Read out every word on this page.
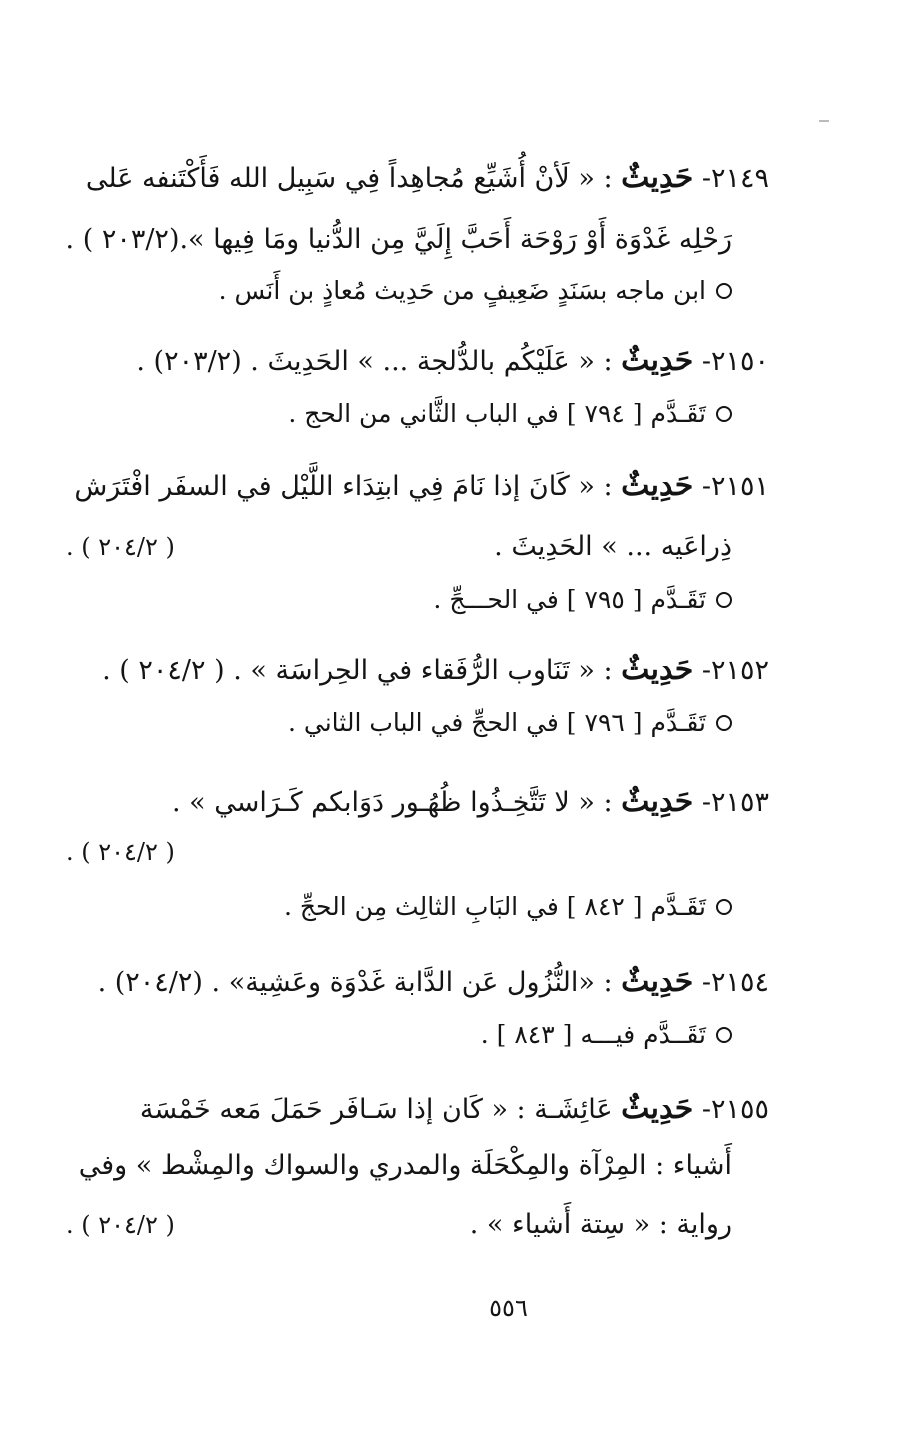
٢١٤٩- حَدِيثٌ : « لَأنْ أُشَيِّع مُجاهِداً فِي سَبِيل الله فَأَكْتَنفه عَلى
رَحْلِه غَدْوَة أَوْ رَوْحَة أَحَبَّ إِلَيَّ مِن الدُّنيا ومَا فِيها ».(٢٠٣/٢ ) .
ابن ماجه بسَنَدٍ ضَعِيفٍ من حَدِيث مُعاذٍ بن أَنَس .
٢١٥٠- حَدِيثٌ : « عَلَيْكُم بالدُّلجة ... » الحَدِيثَ . (٢٠٣/٢) .
تَقَـدَّم [ ٧٩٤ ] في الباب الثَّاني من الحج .
٢١٥١- حَدِيثٌ : « كَانَ إذا نَامَ فِي ابتِدَاء اللَّيْل في السفَر افْتَرَش
ذِراعَيه ... » الحَدِيثَ .
( ٢٠٤/٢ ) .
تَقَـدَّم [ ٧٩٥ ] في الحـــجِّ .
٢١٥٢- حَدِيثٌ : « تَنَاوب الرُّفَقاء في الحِراسَة » . ( ٢٠٤/٢ ) .
تَقَـدَّم [ ٧٩٦ ] في الحجِّ في الباب الثاني .
٢١٥٣- حَدِيثٌ : « لا تَتَّخِـذُوا ظُهُـور دَوَابكم كَـرَاسي » .
( ٢٠٤/٢ ) .
تَقَـدَّم [ ٨٤٢ ] في البَابِ الثالِث مِن الحجِّ .
٢١٥٤- حَدِيثٌ : «النُّزُول عَن الدَّابة غَدْوَة وعَشِية» . (٢٠٤/٢) .
تَقَــدَّم فيـــه [ ٨٤٣ ] .
٢١٥٥- حَدِيثٌ عَائِشَـة : « كَان إذا سَـافَر حَمَلَ مَعه خَمْسَة
أَشياء : المِرْآة والمِكْحَلَة والمدري والسواك والمِشْط » وفي
رواية : « سِتة أَشياء » .
( ٢٠٤/٢ ) .
٥٥٦
